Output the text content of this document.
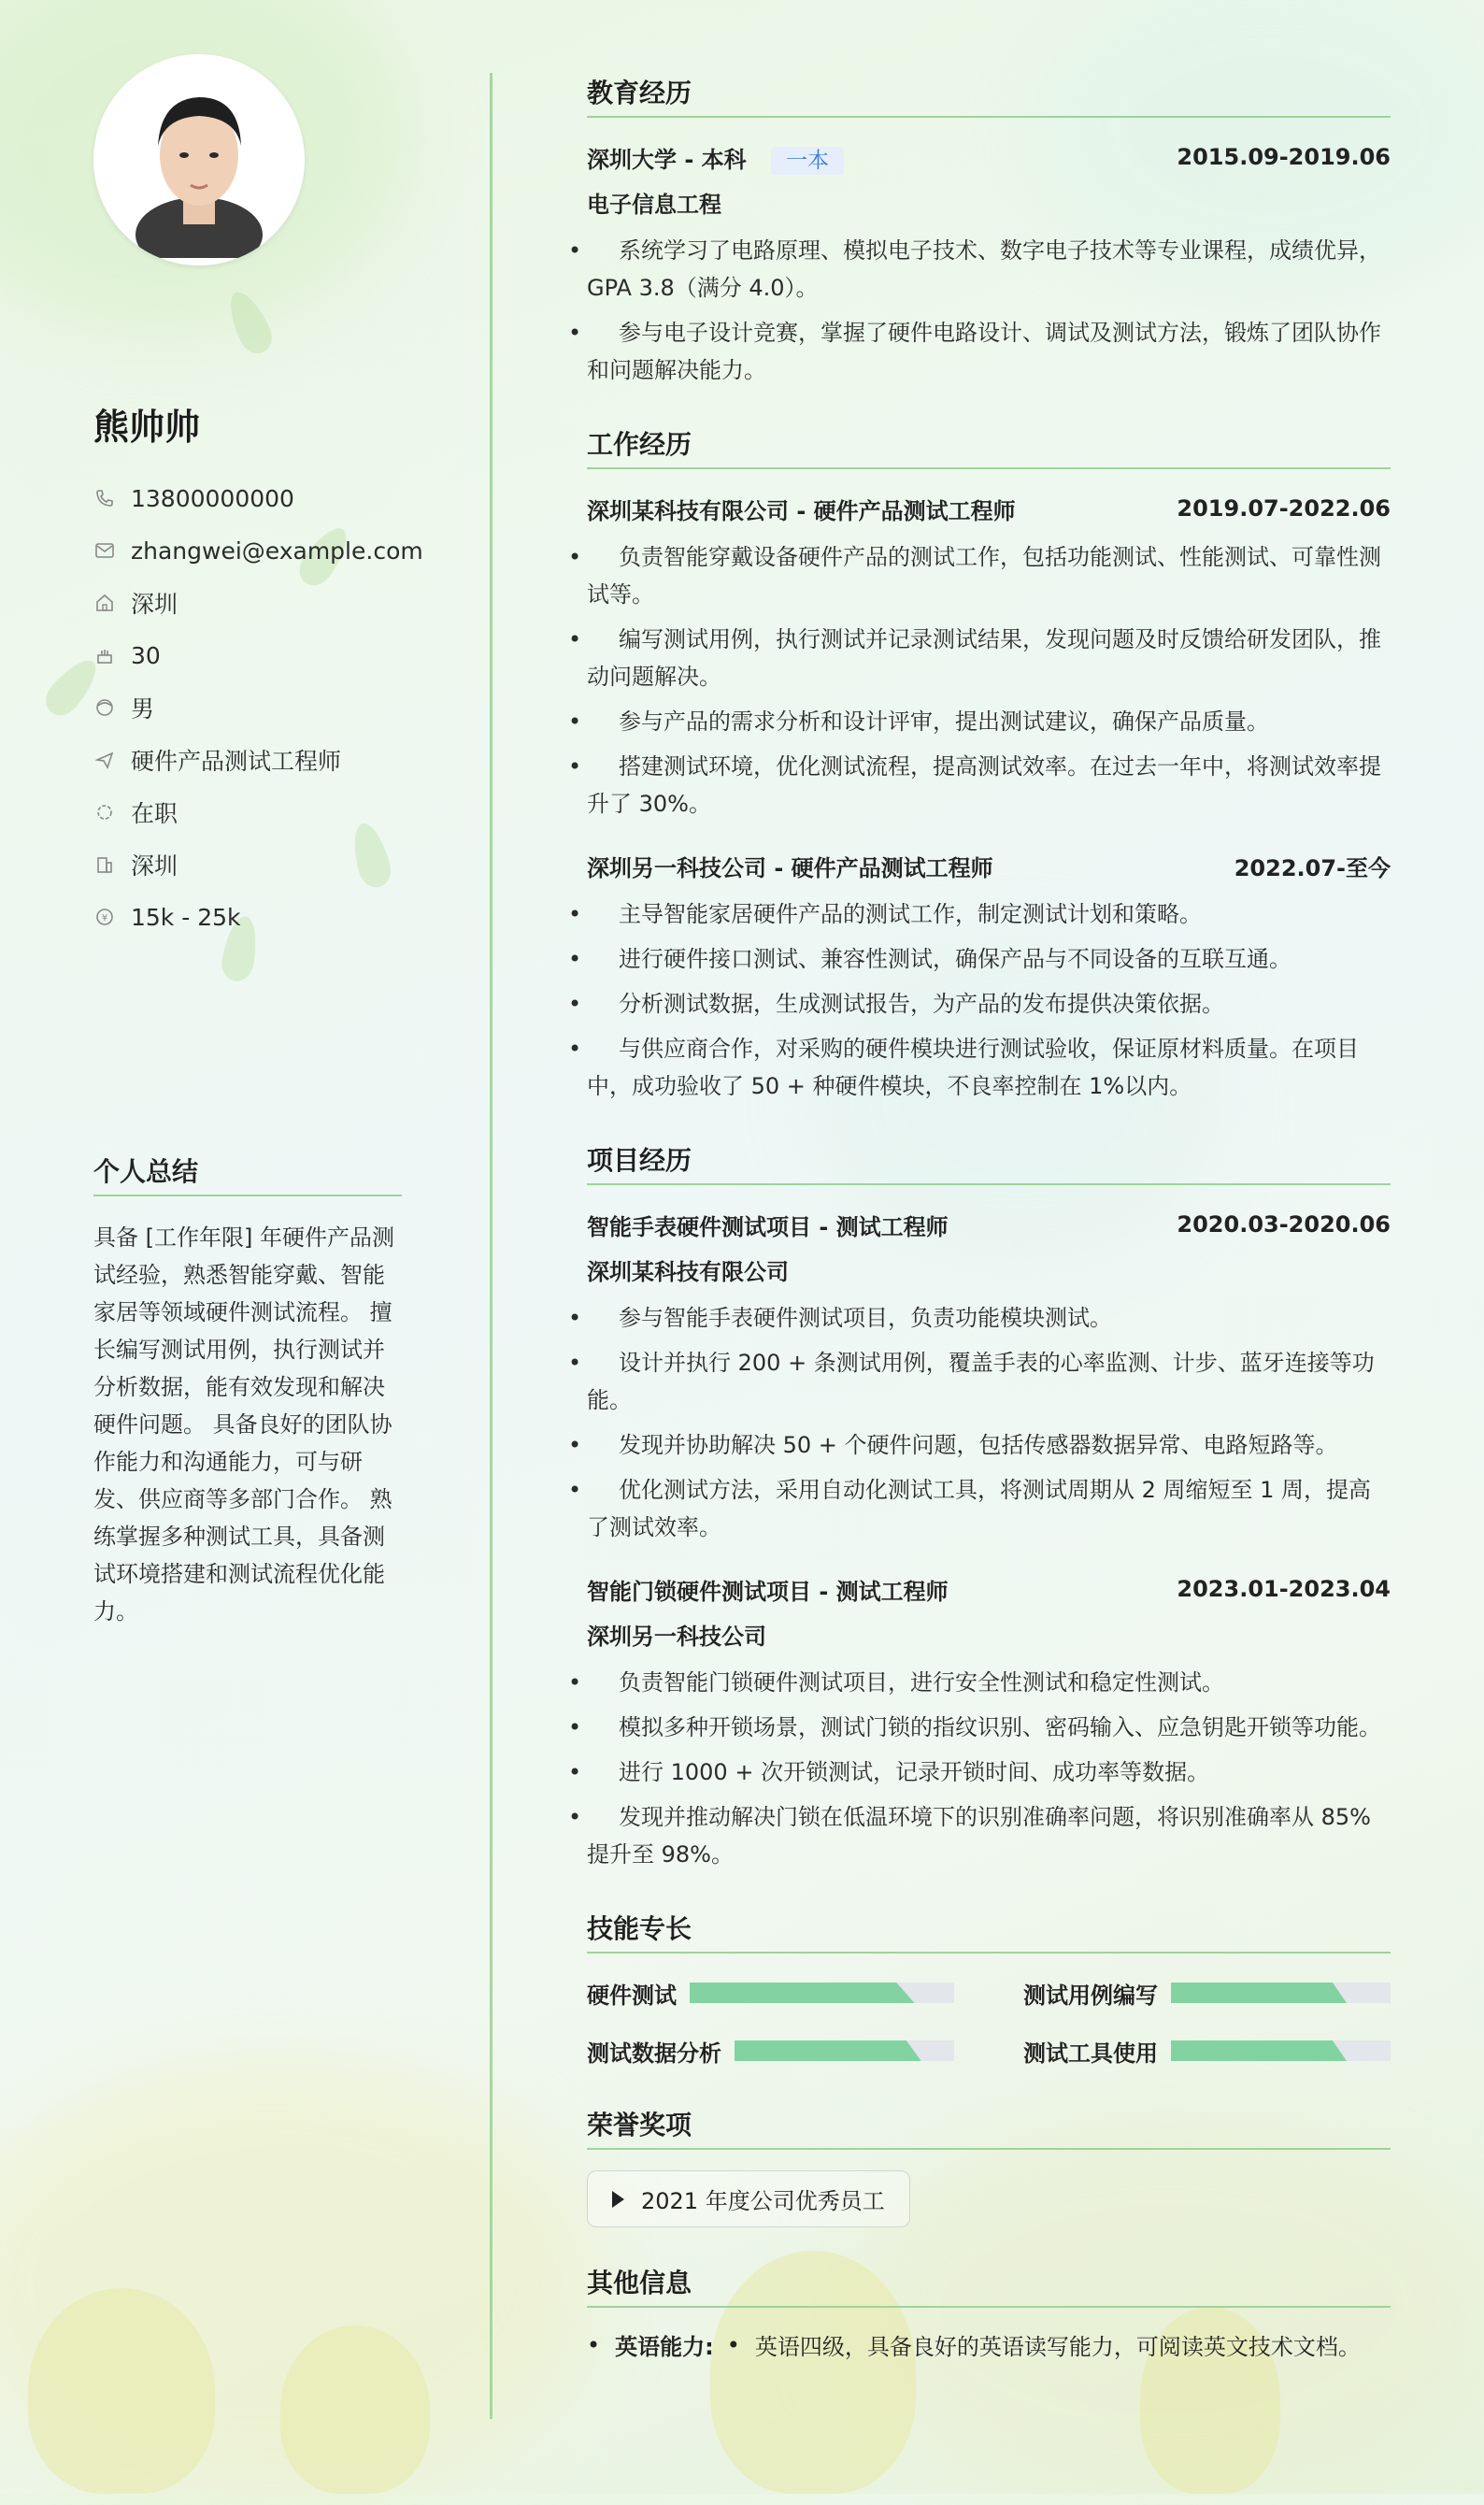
熊帅帅
13800000000
zhangwei@example.com
深圳
30
男
硬件产品测试工程师
在职
深圳
¥ 15k - 25k
个人总结
具备 [工作年限] 年硬件产品测试经验，熟悉智能穿戴、智能家居等领域硬件测试流程。 擅长编写测试用例，执行测试并分析数据，能有效发现和解决硬件问题。 具备良好的团队协作能力和沟通能力，可与研发、供应商等多部门合作。 熟练掌握多种测试工具，具备测试环境搭建和测试流程优化能力。
教育经历
深圳大学 - 本科 一本	2015.09-2019.06
电子信息工程
• 系统学习了电路原理、模拟电子技术、数字电子技术等专业课程，成绩优异，GPA 3.8（满分 4.0）。
• 参与电子设计竞赛，掌握了硬件电路设计、调试及测试方法，锻炼了团队协作和问题解决能力。
工作经历
深圳某科技有限公司 - 硬件产品测试工程师	2019.07-2022.06
• 负责智能穿戴设备硬件产品的测试工作，包括功能测试、性能测试、可靠性测试等。
• 编写测试用例，执行测试并记录测试结果，发现问题及时反馈给研发团队，推动问题解决。
• 参与产品的需求分析和设计评审，提出测试建议，确保产品质量。
• 搭建测试环境，优化测试流程，提高测试效率。在过去一年中，将测试效率提升了 30%。
深圳另一科技公司 - 硬件产品测试工程师	2022.07-至今
• 主导智能家居硬件产品的测试工作，制定测试计划和策略。
• 进行硬件接口测试、兼容性测试，确保产品与不同设备的互联互通。
• 分析测试数据，生成测试报告，为产品的发布提供决策依据。
• 与供应商合作，对采购的硬件模块进行测试验收，保证原材料质量。在项目中，成功验收了 50 + 种硬件模块，不良率控制在 1%以内。
项目经历
智能手表硬件测试项目 - 测试工程师	2020.03-2020.06
深圳某科技有限公司
• 参与智能手表硬件测试项目，负责功能模块测试。
• 设计并执行 200 + 条测试用例，覆盖手表的心率监测、计步、蓝牙连接等功能。
• 发现并协助解决 50 + 个硬件问题，包括传感器数据异常、电路短路等。
• 优化测试方法，采用自动化测试工具，将测试周期从 2 周缩短至 1 周，提高了测试效率。
智能门锁硬件测试项目 - 测试工程师	2023.01-2023.04
深圳另一科技公司
• 负责智能门锁硬件测试项目，进行安全性测试和稳定性测试。
• 模拟多种开锁场景，测试门锁的指纹识别、密码输入、应急钥匙开锁等功能。
• 进行 1000 + 次开锁测试，记录开锁时间、成功率等数据。
• 发现并推动解决门锁在低温环境下的识别准确率问题，将识别准确率从 85% 提升至 98%。
技能专长
硬件测试	测试用例编写
测试数据分析	测试工具使用
荣誉奖项
2021 年度公司优秀员工
其他信息
• 英语能力: • 英语四级，具备良好的英语读写能力，可阅读英文技术文档。
